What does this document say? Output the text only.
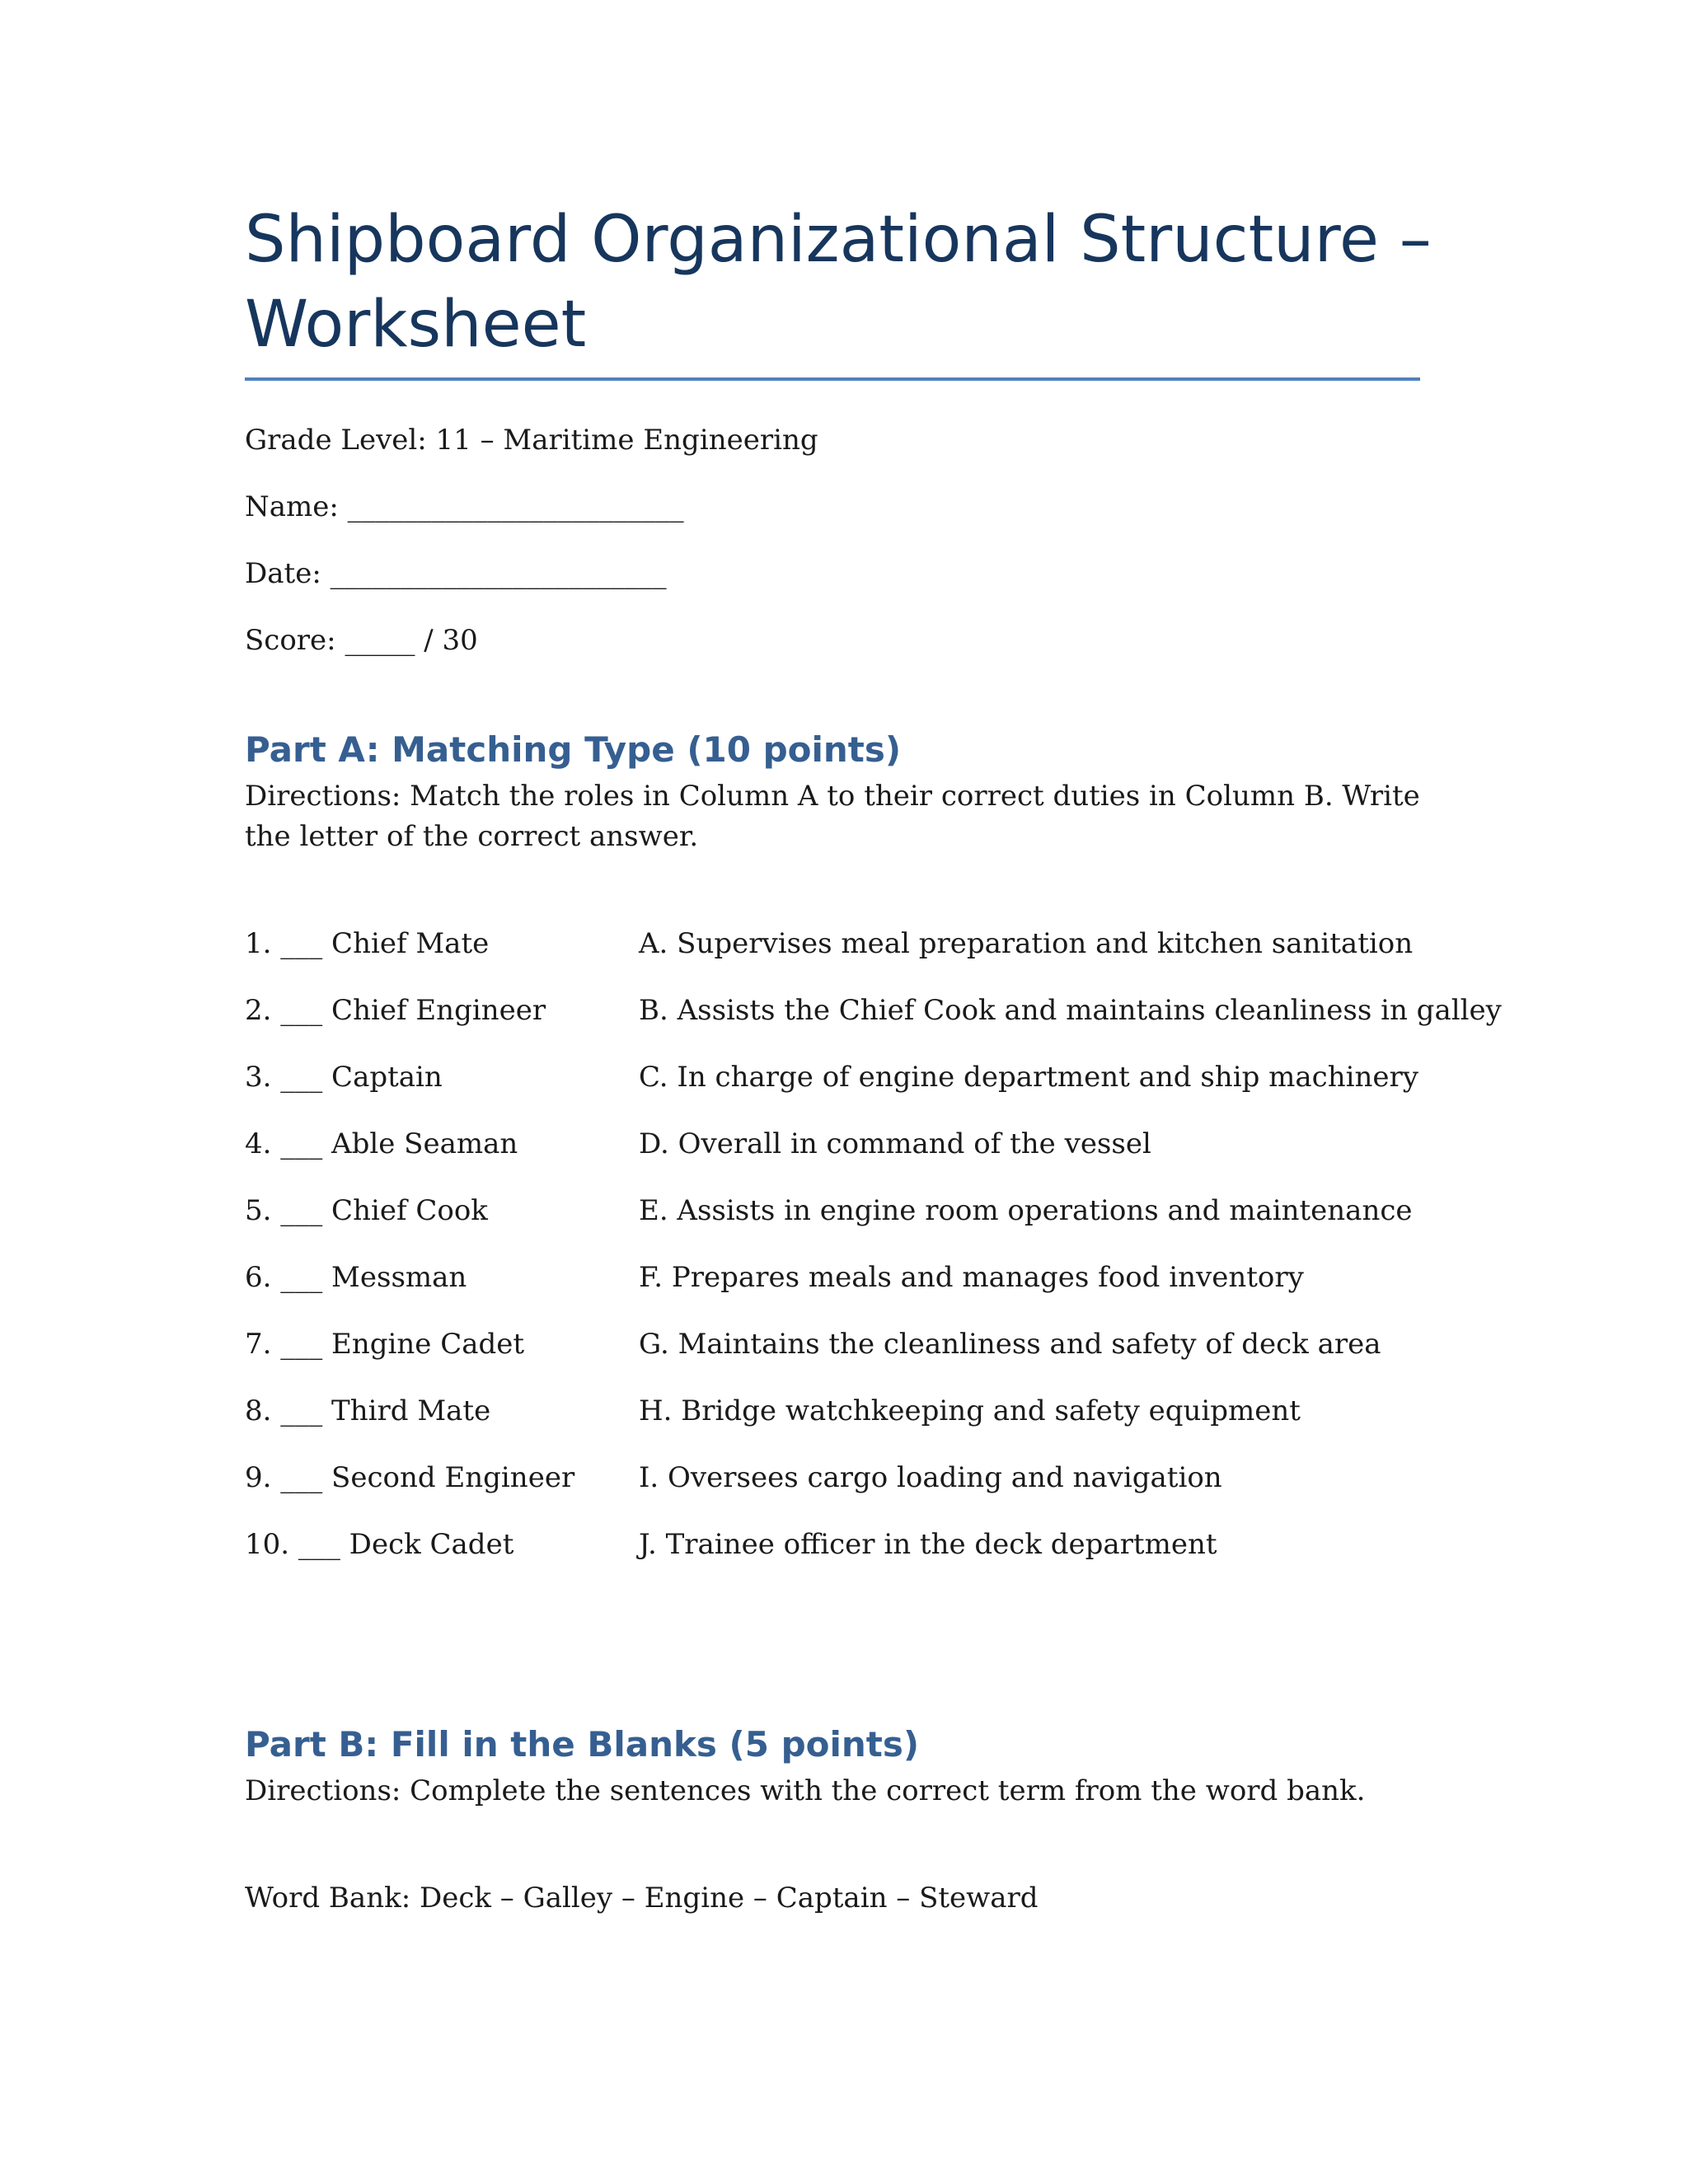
Shipboard Organizational Structure – Worksheet
Grade Level: 11 – Maritime Engineering
Name: ________________________
Date: ________________________
Score: _____ / 30
Part A: Matching Type (10 points)

Directions: Match the roles in Column A to their correct duties in Column B. Write the letter of the correct answer.

1. ___ Chief Mate	A. Supervises meal preparation and kitchen sanitation
2. ___ Chief Engineer	B. Assists the Chief Cook and maintains cleanliness in galley
3. ___ Captain	C. In charge of engine department and ship machinery
4. ___ Able Seaman	D. Overall in command of the vessel
5. ___ Chief Cook	E. Assists in engine room operations and maintenance
6. ___ Messman	F. Prepares meals and manages food inventory
7. ___ Engine Cadet	G. Maintains the cleanliness and safety of deck area
8. ___ Third Mate	H. Bridge watchkeeping and safety equipment
9. ___ Second Engineer I. Oversees cargo loading and navigation
10. ___ Deck Cadet	J. Trainee officer in the deck department
Part B: Fill in the Blanks (5 points)

Directions: Complete the sentences with the correct term from the word bank.

Word Bank: Deck – Galley – Engine – Captain – Steward
